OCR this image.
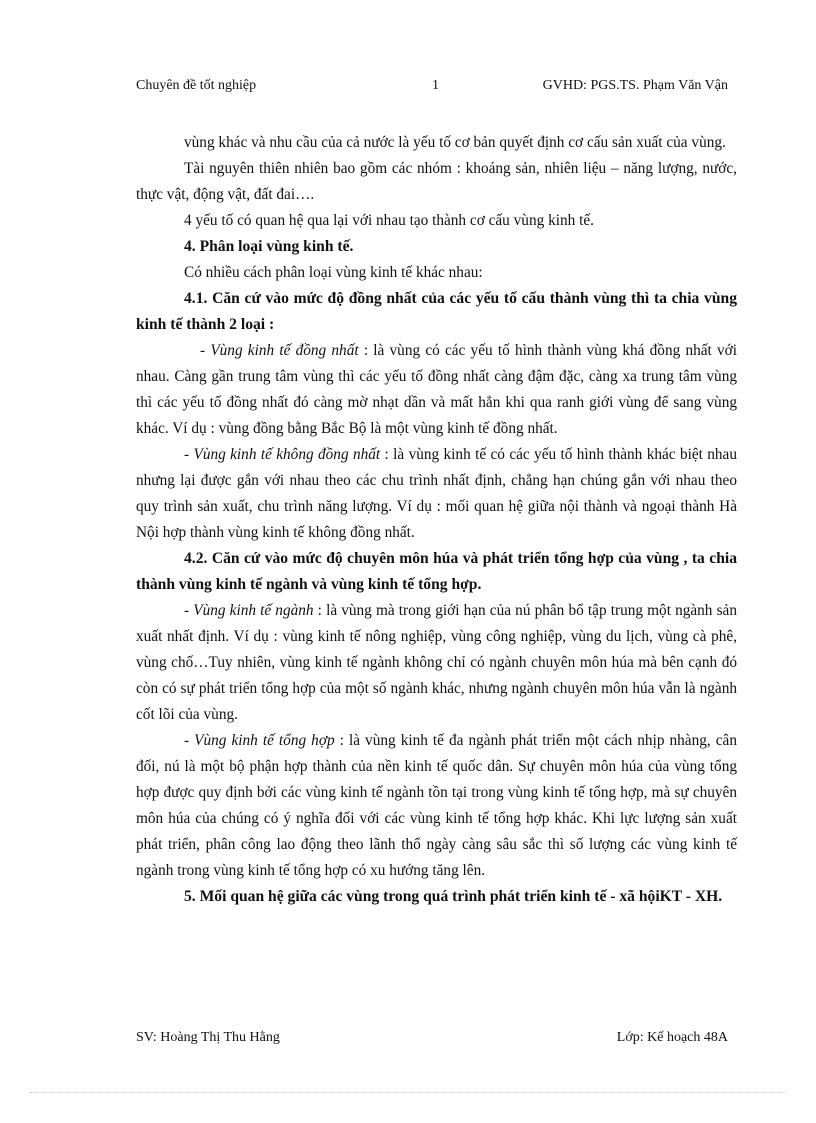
Chuyên đề tốt nghiệp	1	GVHD: PGS.TS. Phạm Văn Vận

vùng khác và nhu cầu của cả nước là yếu tố cơ bản quyết định cơ cấu sản xuất của vùng.

Tài nguyên thiên nhiên bao gồm các nhóm : khoáng sản, nhiên liệu – năng lượng, nước, thực vật, động vật, đất đai….

4 yếu tố có quan hệ qua lại với nhau tạo thành cơ cấu vùng kinh tế.

4. Phân loại vùng kinh tế.

Có nhiều cách phân loại vùng kinh tế khác nhau:

4.1. Căn cứ vào mức độ đồng nhất của các yếu tố cấu thành vùng thì ta chia vùng kinh tế thành 2 loại :

- Vùng kinh tế đồng nhất : là vùng có các yếu tố hình thành vùng khá đồng nhất với nhau. Càng gần trung tâm vùng thì các yếu tố đồng nhất càng đậm đặc, càng xa trung tâm vùng thì các yếu tố đồng nhất đó càng mờ nhạt dần và mất hẳn khi qua ranh giới vùng để sang vùng khác. Ví dụ : vùng đồng bằng Bắc Bộ là một vùng kinh tế đồng nhất.

- Vùng kinh tế không đồng nhất : là vùng kinh tế có các yếu tố hình thành khác biệt nhau nhưng lại được gắn với nhau theo các chu trình nhất định, chẳng hạn chúng gắn với nhau theo quy trình sản xuất, chu trình năng lượng. Ví dụ : mối quan hệ giữa nội thành và ngoại thành Hà Nội hợp thành vùng kinh tế không đồng nhất.

4.2. Căn cứ vào mức độ chuyên môn húa và phát triển tổng hợp của vùng , ta chia thành vùng kinh tế ngành và vùng kinh tế tổng hợp.

- Vùng kinh tế ngành : là vùng mà trong giới hạn của nú phân bổ tập trung một ngành sản xuất nhất định. Ví dụ : vùng kinh tế nông nghiệp, vùng công nghiệp, vùng du lịch, vùng cà phê, vùng chố…Tuy nhiên, vùng kinh tế ngành không chỉ có ngành chuyên môn húa mà bên cạnh đó còn có sự phát triển tổng hợp của một số ngành khác, nhưng ngành chuyên môn húa vẫn là ngành cốt lõi của vùng.

- Vùng kinh tế tổng hợp : là vùng kinh tế đa ngành phát triển một cách nhịp nhàng, cân đối, nú là một bộ phận hợp thành của nền kinh tế quốc dân. Sự chuyên môn húa của vùng tổng hợp được quy định bởi các vùng kinh tế ngành tồn tại trong vùng kinh tế tổng hợp, mà sự chuyên môn húa của chúng có ý nghĩa đối với các vùng kinh tế tổng hợp khác. Khi lực lượng sản xuất phát triển, phân công lao động theo lãnh thổ ngày càng sâu sắc thì số lượng các vùng kinh tế ngành trong vùng kinh tế tổng hợp có xu hướng tăng lên.

5. Mối quan hệ giữa các vùng trong quá trình phát triển kinh tế - xã hộiKT - XH.

SV: Hoàng Thị Thu Hằng	Lớp: Kế hoạch 48A
